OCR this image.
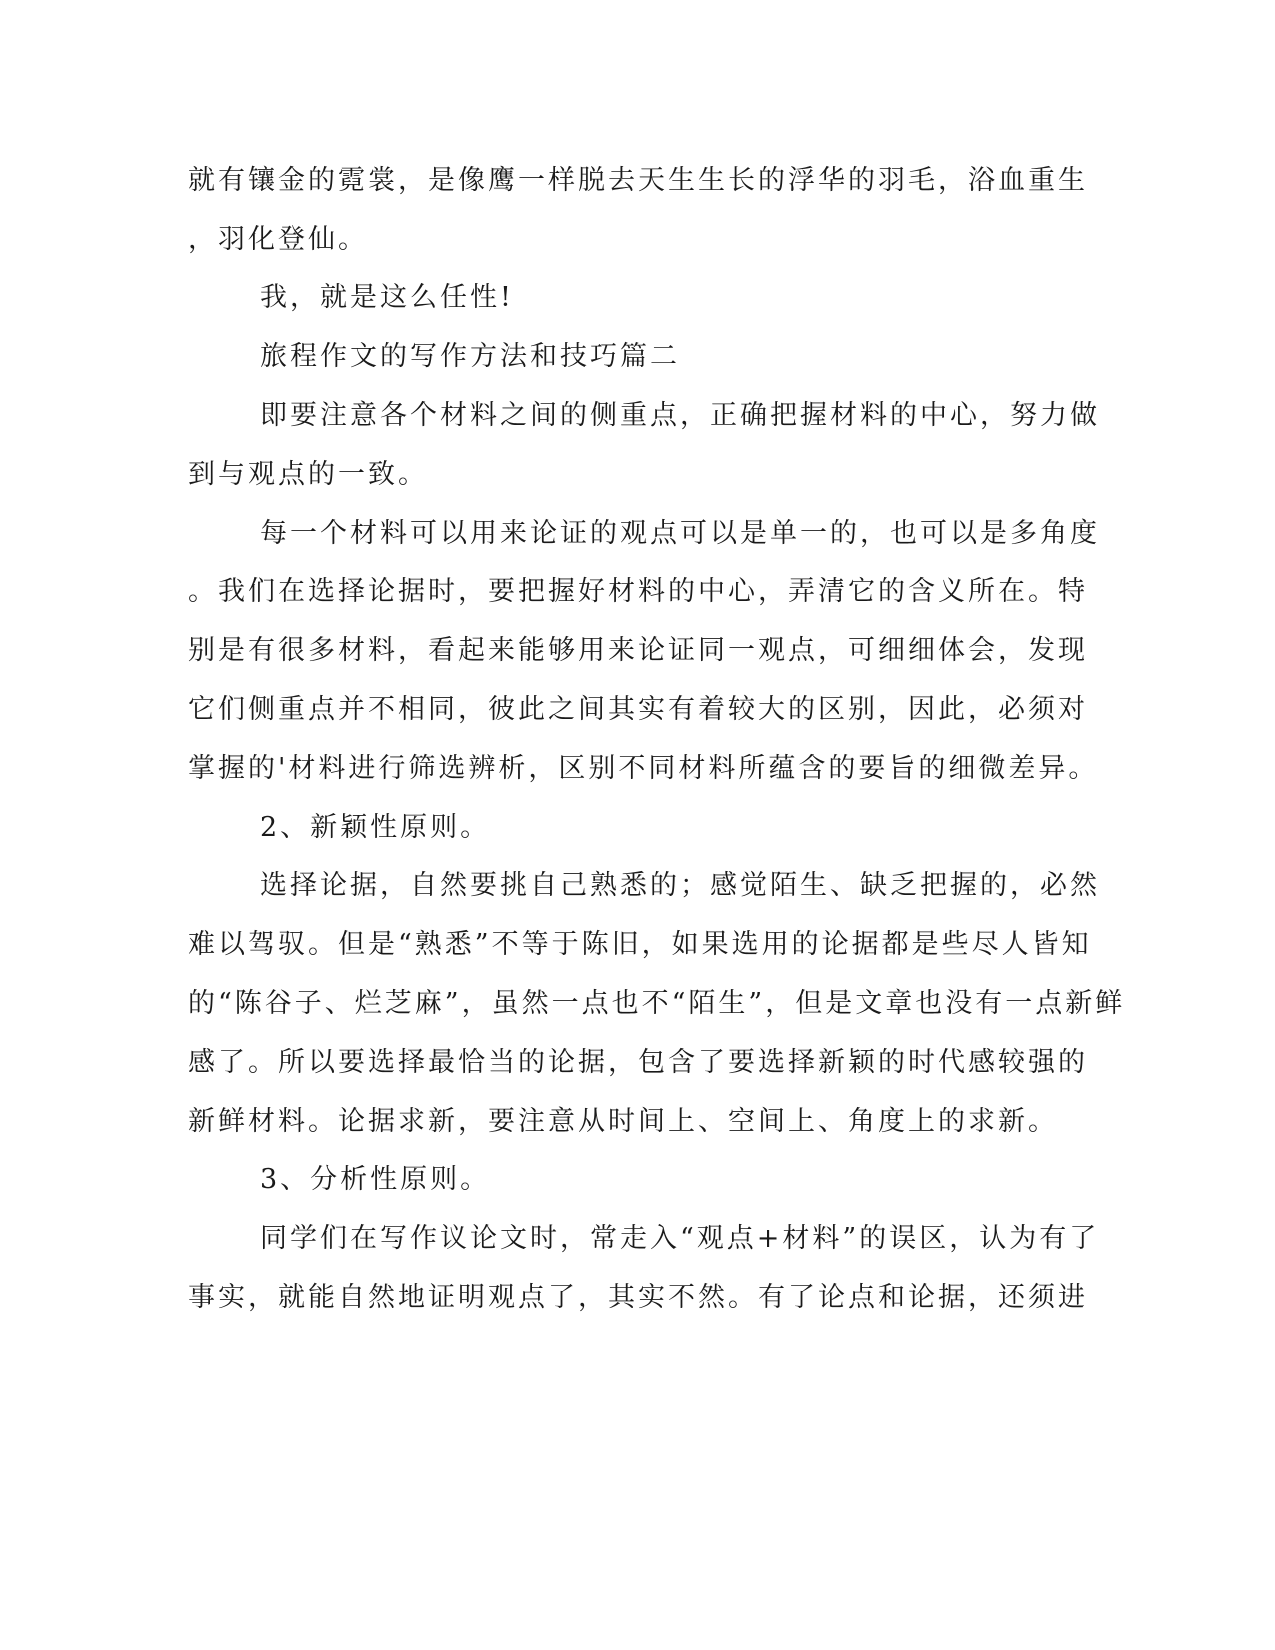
就有镶金的霓裳，是像鹰一样脱去天生生长的浮华的羽毛，浴血重生
，羽化登仙。
我，就是这么任性!
旅程作文的写作方法和技巧篇二
即要注意各个材料之间的侧重点，正确把握材料的中心，努力做
到与观点的一致。
每一个材料可以用来论证的观点可以是单一的，也可以是多角度
。我们在选择论据时，要把握好材料的中心，弄清它的含义所在。特
别是有很多材料，看起来能够用来论证同一观点，可细细体会，发现
它们侧重点并不相同，彼此之间其实有着较大的区别，因此，必须对
掌握的'材料进行筛选辨析，区别不同材料所蕴含的要旨的细微差异。
2、新颖性原则。
选择论据，自然要挑自己熟悉的；感觉陌生、缺乏把握的，必然
难以驾驭。但是“熟悉”不等于陈旧，如果选用的论据都是些尽人皆知
的“陈谷子、烂芝麻”，虽然一点也不“陌生”，但是文章也没有一点新鲜
感了。所以要选择最恰当的论据，包含了要选择新颖的时代感较强的
新鲜材料。论据求新，要注意从时间上、空间上、角度上的求新。
3、分析性原则。
同学们在写作议论文时，常走入“观点+材料”的误区，认为有了
事实，就能自然地证明观点了，其实不然。有了论点和论据，还须进
